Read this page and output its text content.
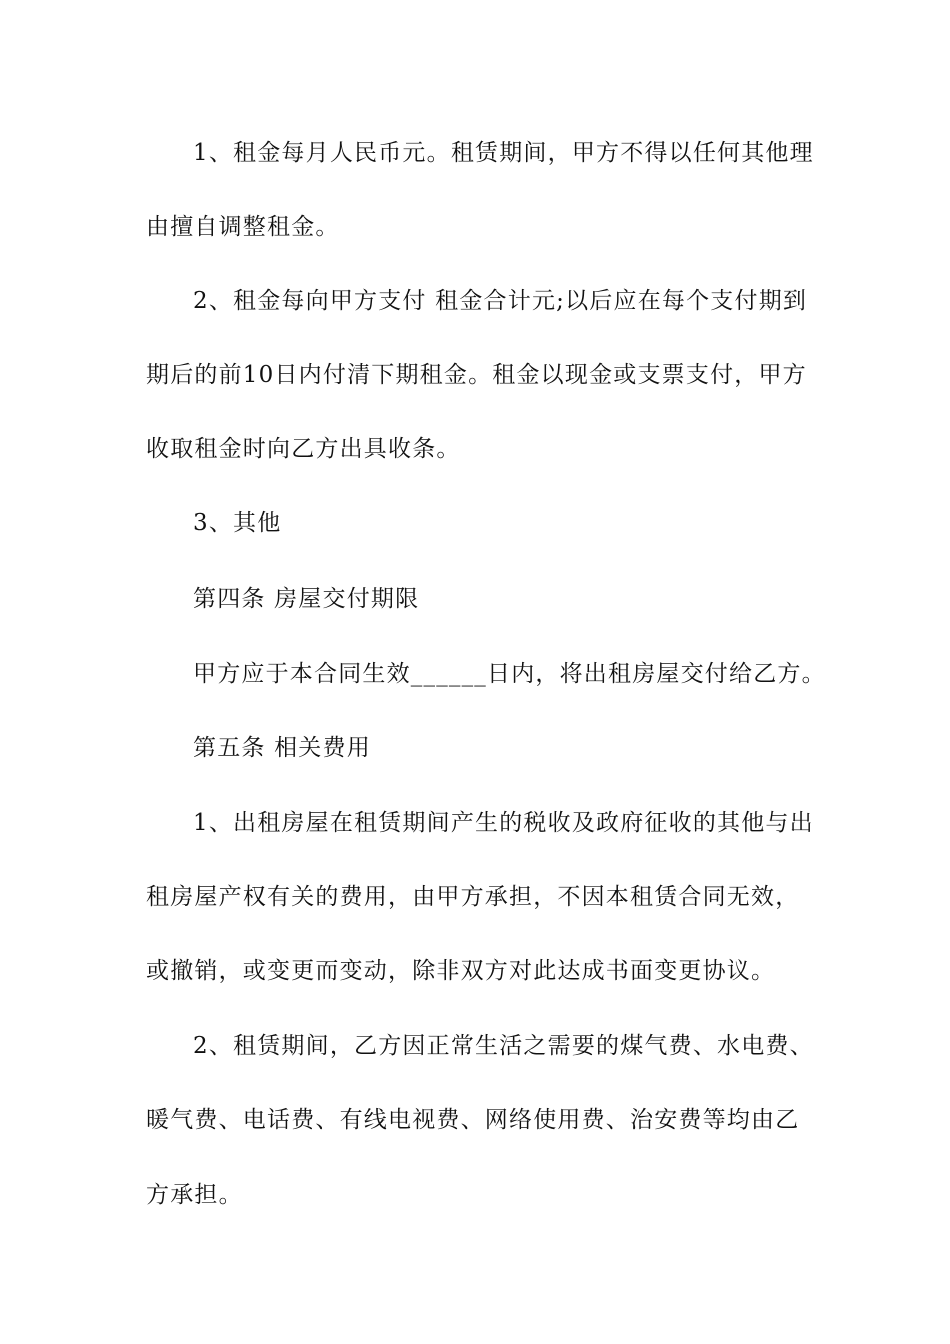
1、租金每月人民币元。租赁期间，甲方不得以任何其他理
由擅自调整租金。
2、租金每向甲方支付 租金合计元;以后应在每个支付期到
期后的前10日内付清下期租金。租金以现金或支票支付，甲方
收取租金时向乙方出具收条。
3、其他
第四条 房屋交付期限
甲方应于本合同生效______日内，将出租房屋交付给乙方。
第五条 相关费用
1、出租房屋在租赁期间产生的税收及政府征收的其他与出
租房屋产权有关的费用，由甲方承担，不因本租赁合同无效，
或撤销，或变更而变动，除非双方对此达成书面变更协议。
2、租赁期间，乙方因正常生活之需要的煤气费、水电费、
暖气费、电话费、有线电视费、网络使用费、治安费等均由乙
方承担。
